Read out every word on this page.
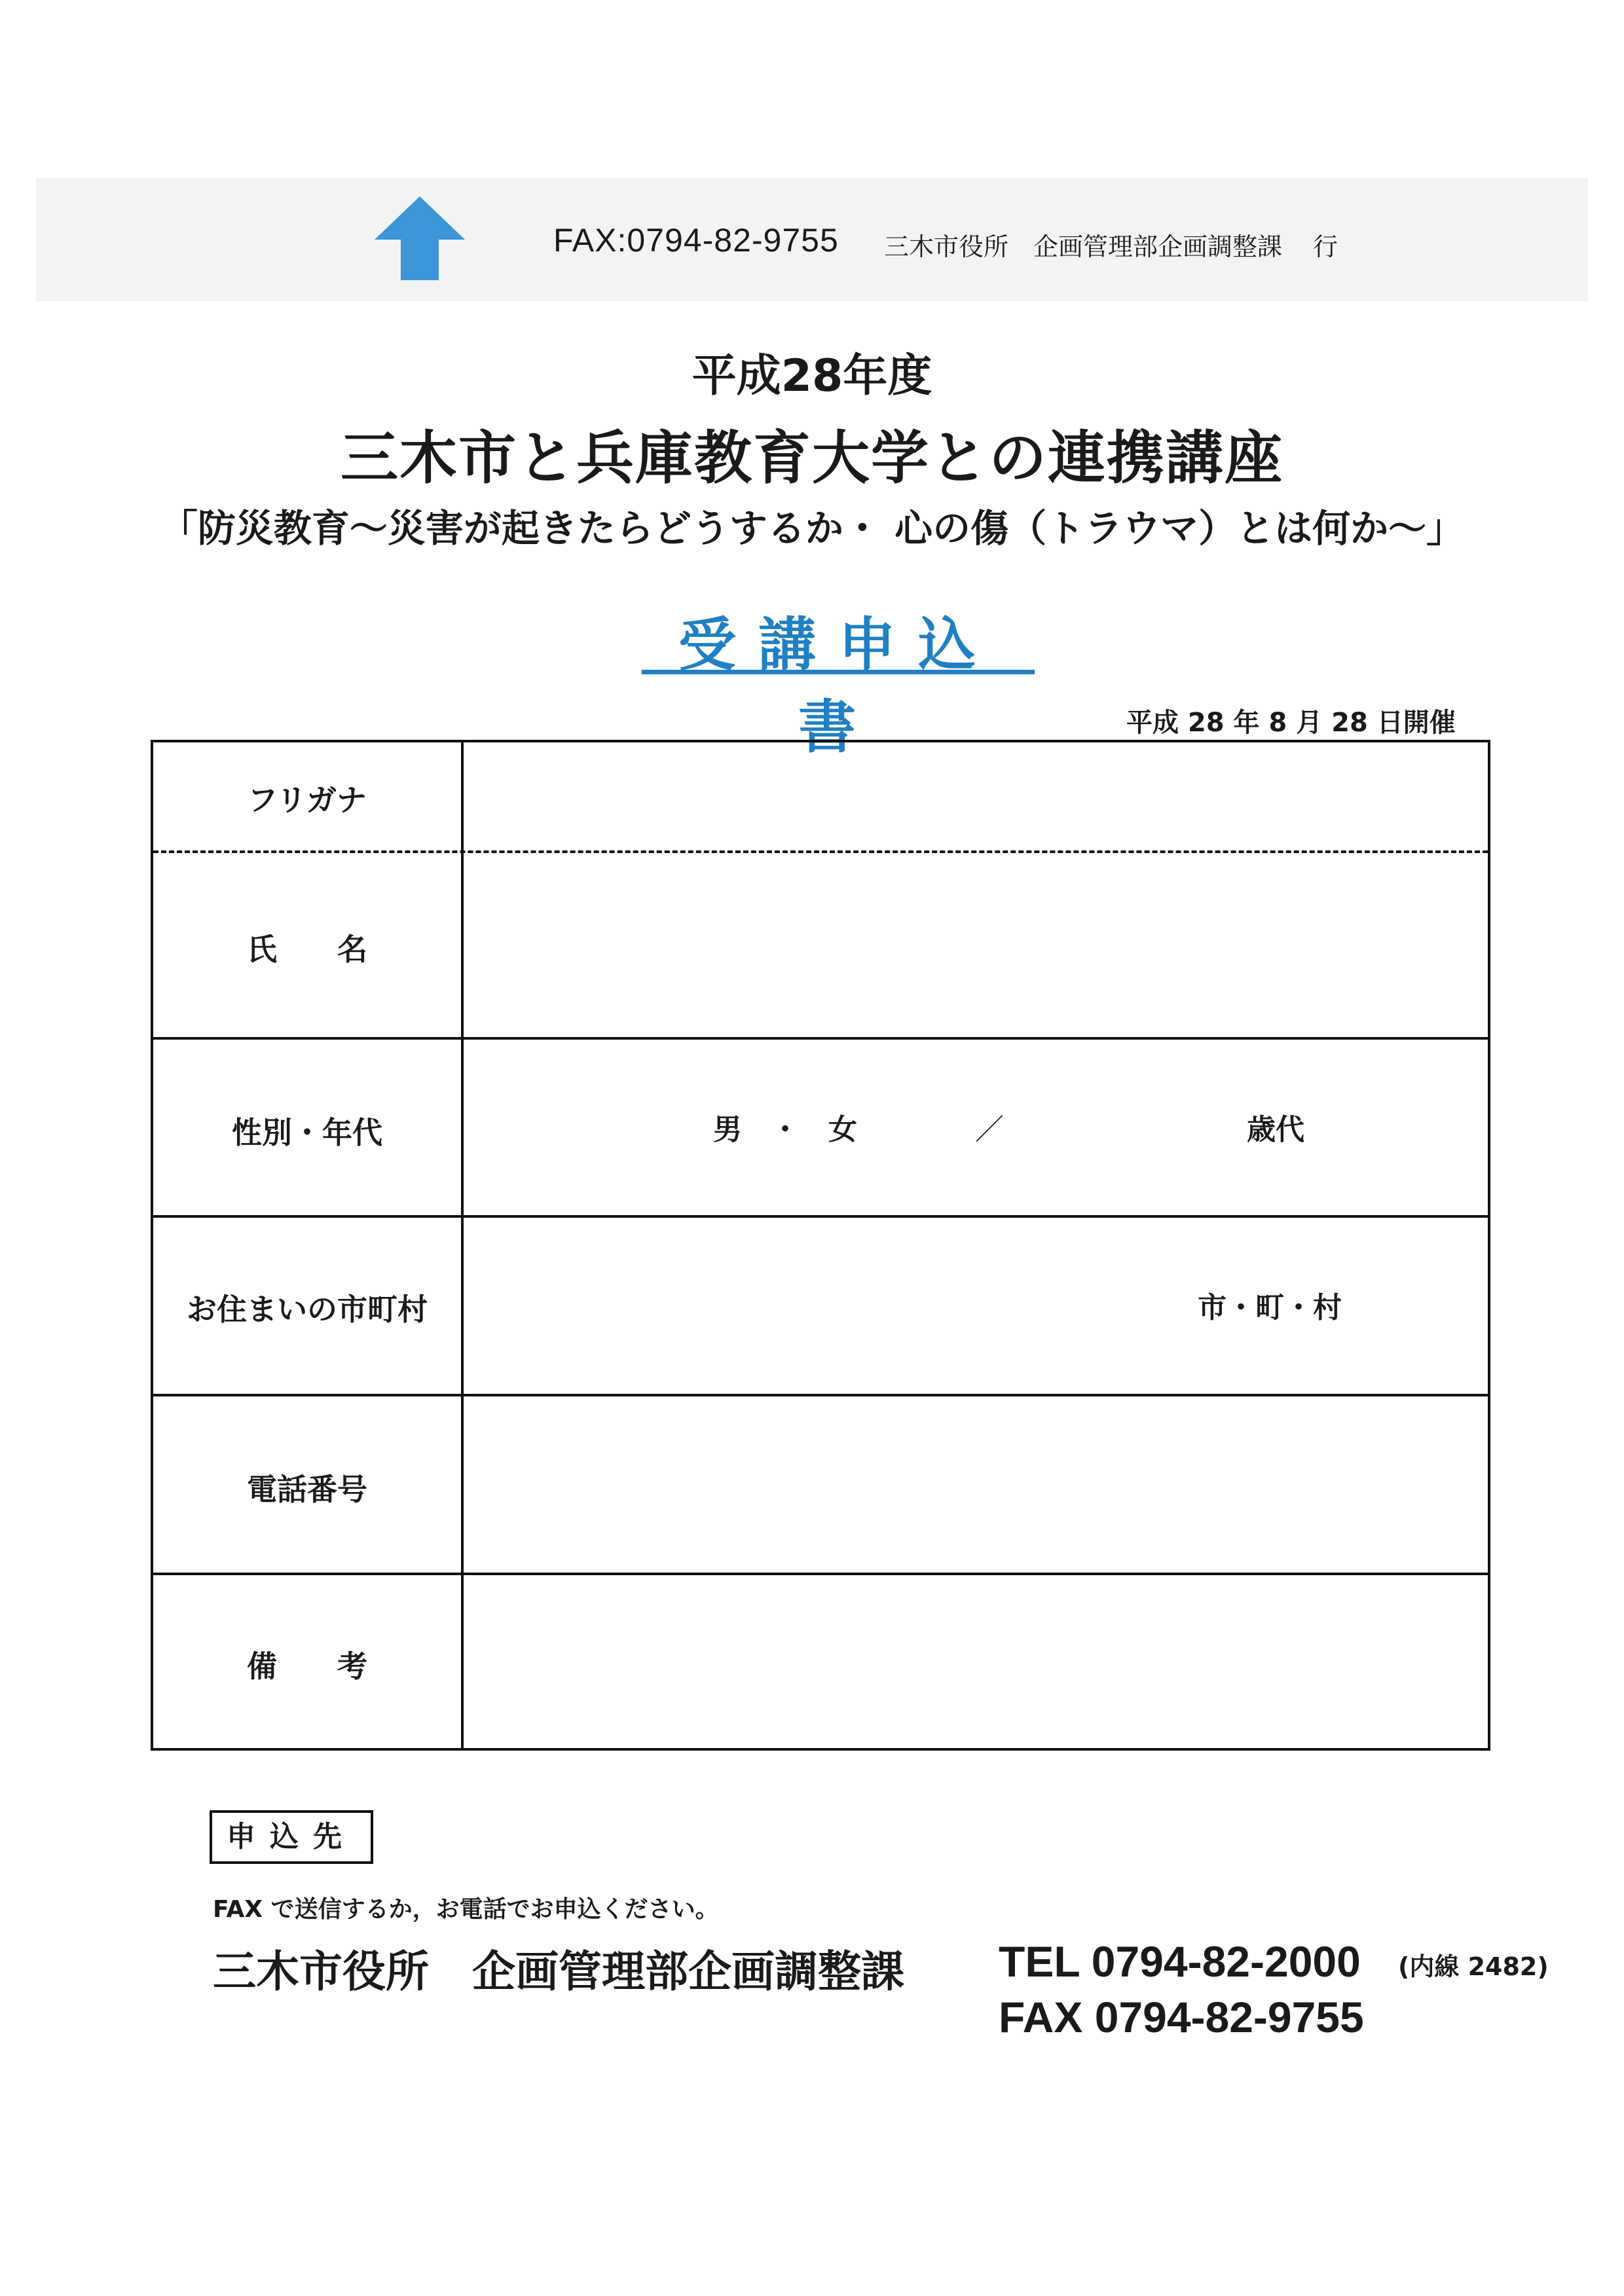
FAX:0794-82-9755 三木市役所　企画管理部企画調整課 行
平成28年度
三木市と兵庫教育大学との連携講座
「防災教育～災害が起きたらどうするか・ 心の傷（トラウマ）とは何か～」
受講申込書	平成 28 年 8 月 28 日開催
フリガナ
氏　　名
性別・年代	男　・　女	／	歳代
お住まいの市町村	市・町・村
電話番号
備　　考
申込先
FAX で送信するか，お電話でお申込ください。
三木市役所　企画管理部企画調整課 TEL 0794-82-2000 (内線 2482)
FAX 0794-82-9755
